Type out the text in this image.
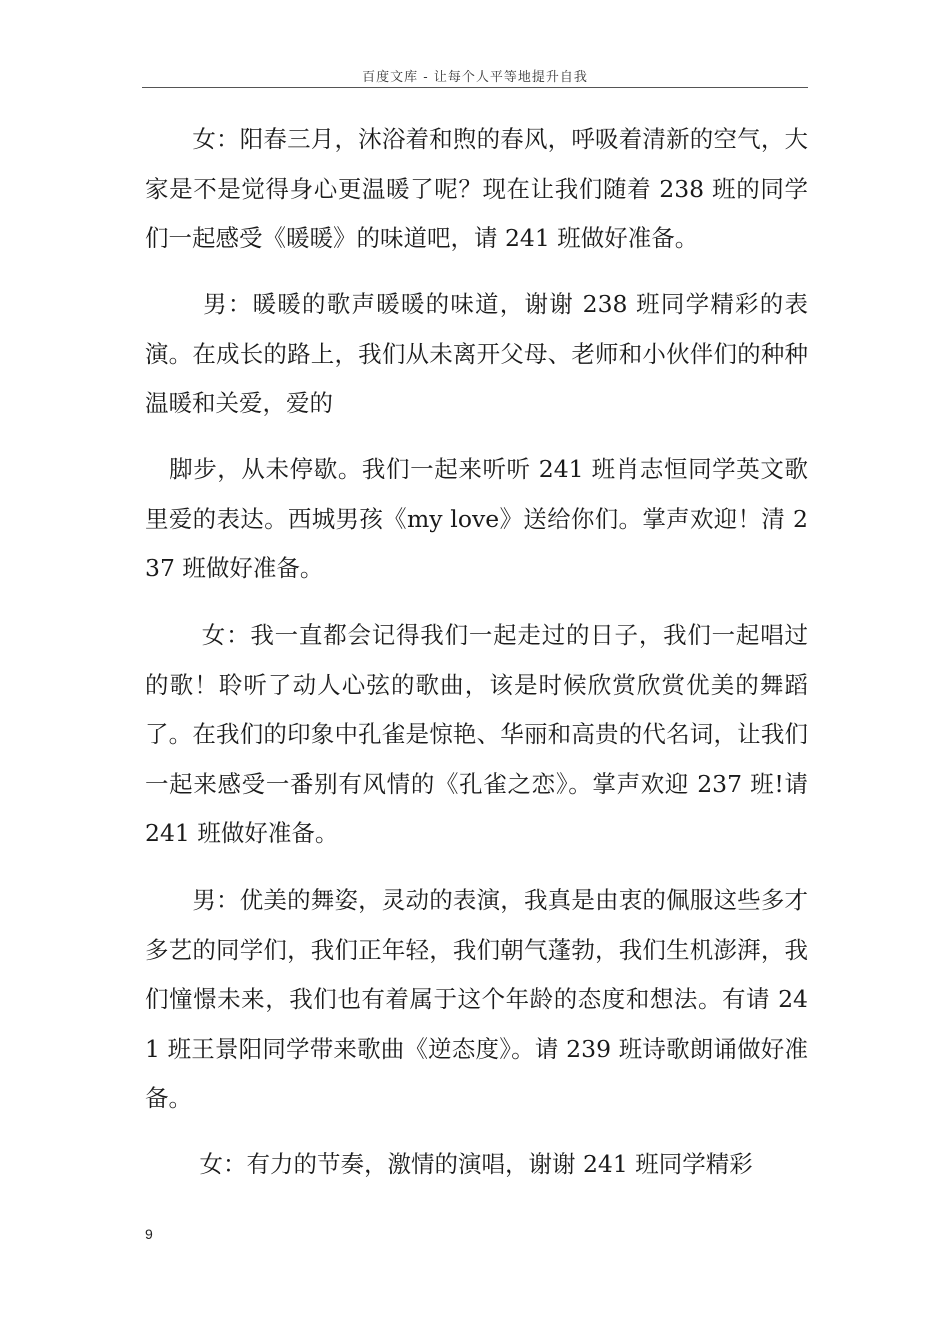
百度文库 - 让每个人平等地提升自我

　　女：阳春三月，沐浴着和煦的春风，呼吸着清新的空气，大家是不是觉得身心更温暖了呢？现在让我们随着 238 班的同学们一起感受《暖暖》的味道吧，请 241 班做好准备。

　　 男：暖暖的歌声暖暖的味道，谢谢 238 班同学精彩的表演。在成长的路上，我们从未离开父母、老师和小伙伴们的种种温暖和关爱，爱的

　脚步，从未停歇。我们一起来听听 241 班肖志恒同学英文歌里爱的表达。西城男孩《my love》送给你们。掌声欢迎！清 237 班做好准备。

　　 女：我一直都会记得我们一起走过的日子，我们一起唱过的歌！聆听了动人心弦的歌曲，该是时候欣赏欣赏优美的舞蹈了。在我们的印象中孔雀是惊艳、华丽和高贵的代名词，让我们一起来感受一番别有风情的《孔雀之恋》。掌声欢迎 237 班!请 241 班做好准备。

　　男：优美的舞姿，灵动的表演，我真是由衷的佩服这些多才多艺的同学们，我们正年轻，我们朝气蓬勃，我们生机澎湃，我们憧憬未来，我们也有着属于这个年龄的态度和想法。有请 241 班王景阳同学带来歌曲《逆态度》。请 239 班诗歌朗诵做好准备。

　　 女：有力的节奏，激情的演唱，谢谢 241 班同学精彩

9
